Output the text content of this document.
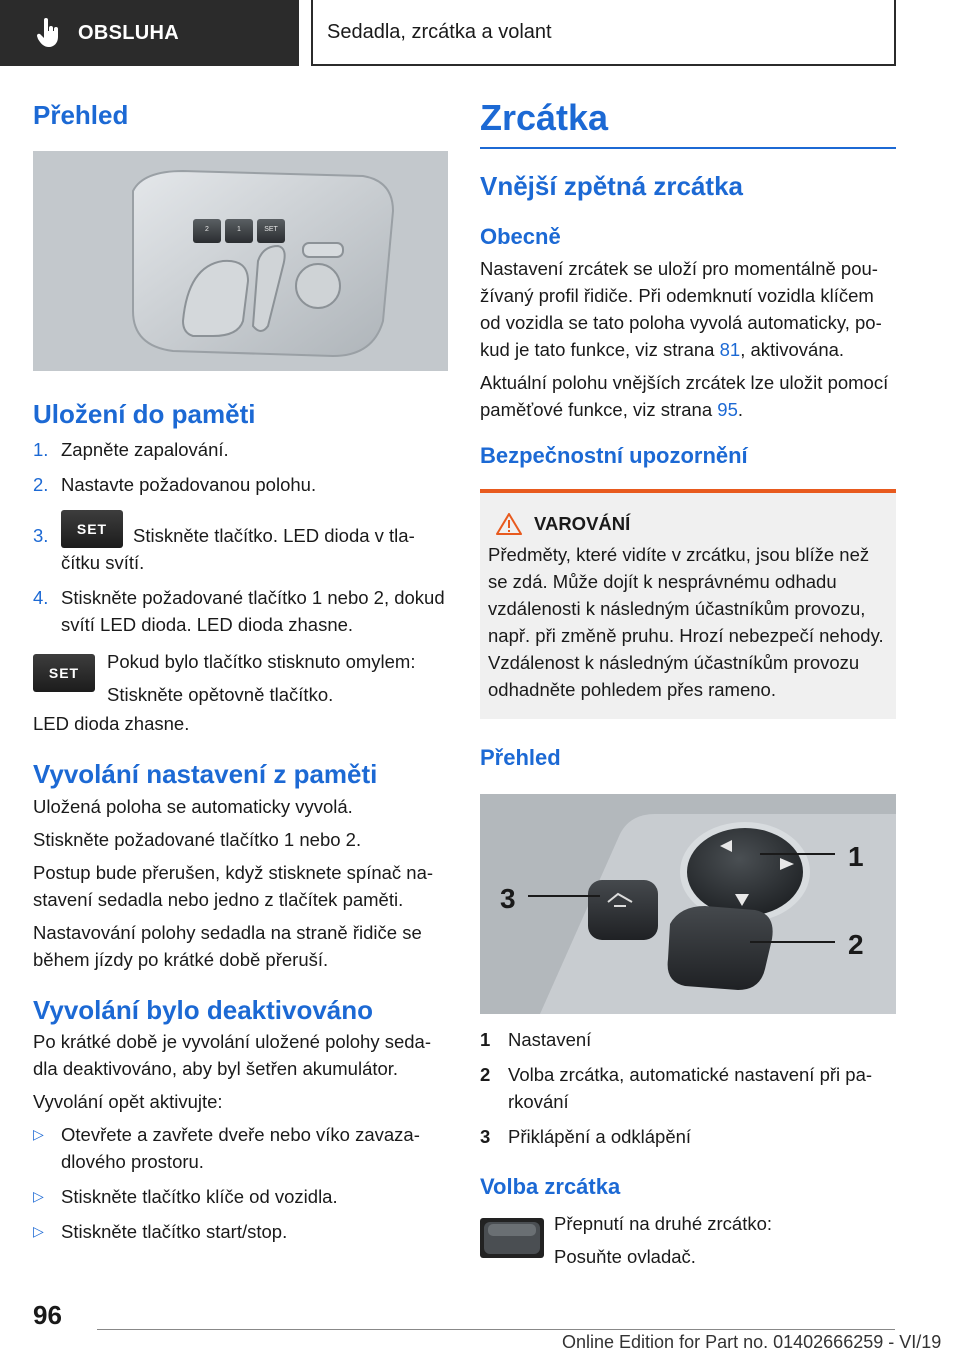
OBSLUHA	Sedadla, zrcátka a volant
Přehled
2	1	SET
Uložení do paměti
1. Zapněte zapalování.
2. Nastavte požadovanou polohu.
3.	SET	Stiskněte tlačítko. LED dioda v tlačítku svítí.
4. Stiskněte požadované tlačítko 1 nebo 2, dokud svítí LED dioda. LED dioda zhasne.
SET

Pokud bylo tlačítko stisknuto omylem:

Stiskněte opětovně tlačítko.

LED dioda zhasne.

Vyvolání nastavení z paměti

Uložená poloha se automaticky vyvolá.

Stiskněte požadované tlačítko 1 nebo 2.

Postup bude přerušen, když stisknete spínač nastavení sedadla nebo jedno z tlačítek paměti.

Nastavování polohy sedadla na straně řidiče se během jízdy po krátké době přeruší.

Vyvolání bylo deaktivováno

Po krátké době je vyvolání uložené polohy sedadla deaktivováno, aby byl šetřen akumulátor.

Vyvolání opět aktivujte:

▷ Otevřete a zavřete dveře nebo víko zavazadlového prostoru.
▷ Stiskněte tlačítko klíče od vozidla.
▷ Stiskněte tlačítko start/stop.
Zrcátka
Vnější zpětná zrcátka
Obecně

Nastavení zrcátek se uloží pro momentálně používaný profil řidiče. Při odemknutí vozidla klíčem od vozidla se tato poloha vyvolá automaticky, pokud je tato funkce, viz strana 81, aktivována.

Aktuální polohu vnějších zrcátek lze uložit pomocí paměťové funkce, viz strana 95.

Bezpečnostní upozornění
VAROVÁNÍ

Předměty, které vidíte v zrcátku, jsou blíže než se zdá. Může dojít k nesprávnému odhadu vzdálenosti k následným účastníkům provozu, např. při změně pruhu. Hrozí nebezpečí nehody. Vzdálenost k následným účastníkům provozu odhadněte pohledem přes rameno.

Přehled
1
2
3
1 Nastavení
2 Volba zrcátka, automatické nastavení při parkování
3 Přiklápění a odklápění
Volba zrcátka

Přepnutí na druhé zrcátko:

Posuňte ovladač.

96
Online Edition for Part no. 01402666259 - VI/19
